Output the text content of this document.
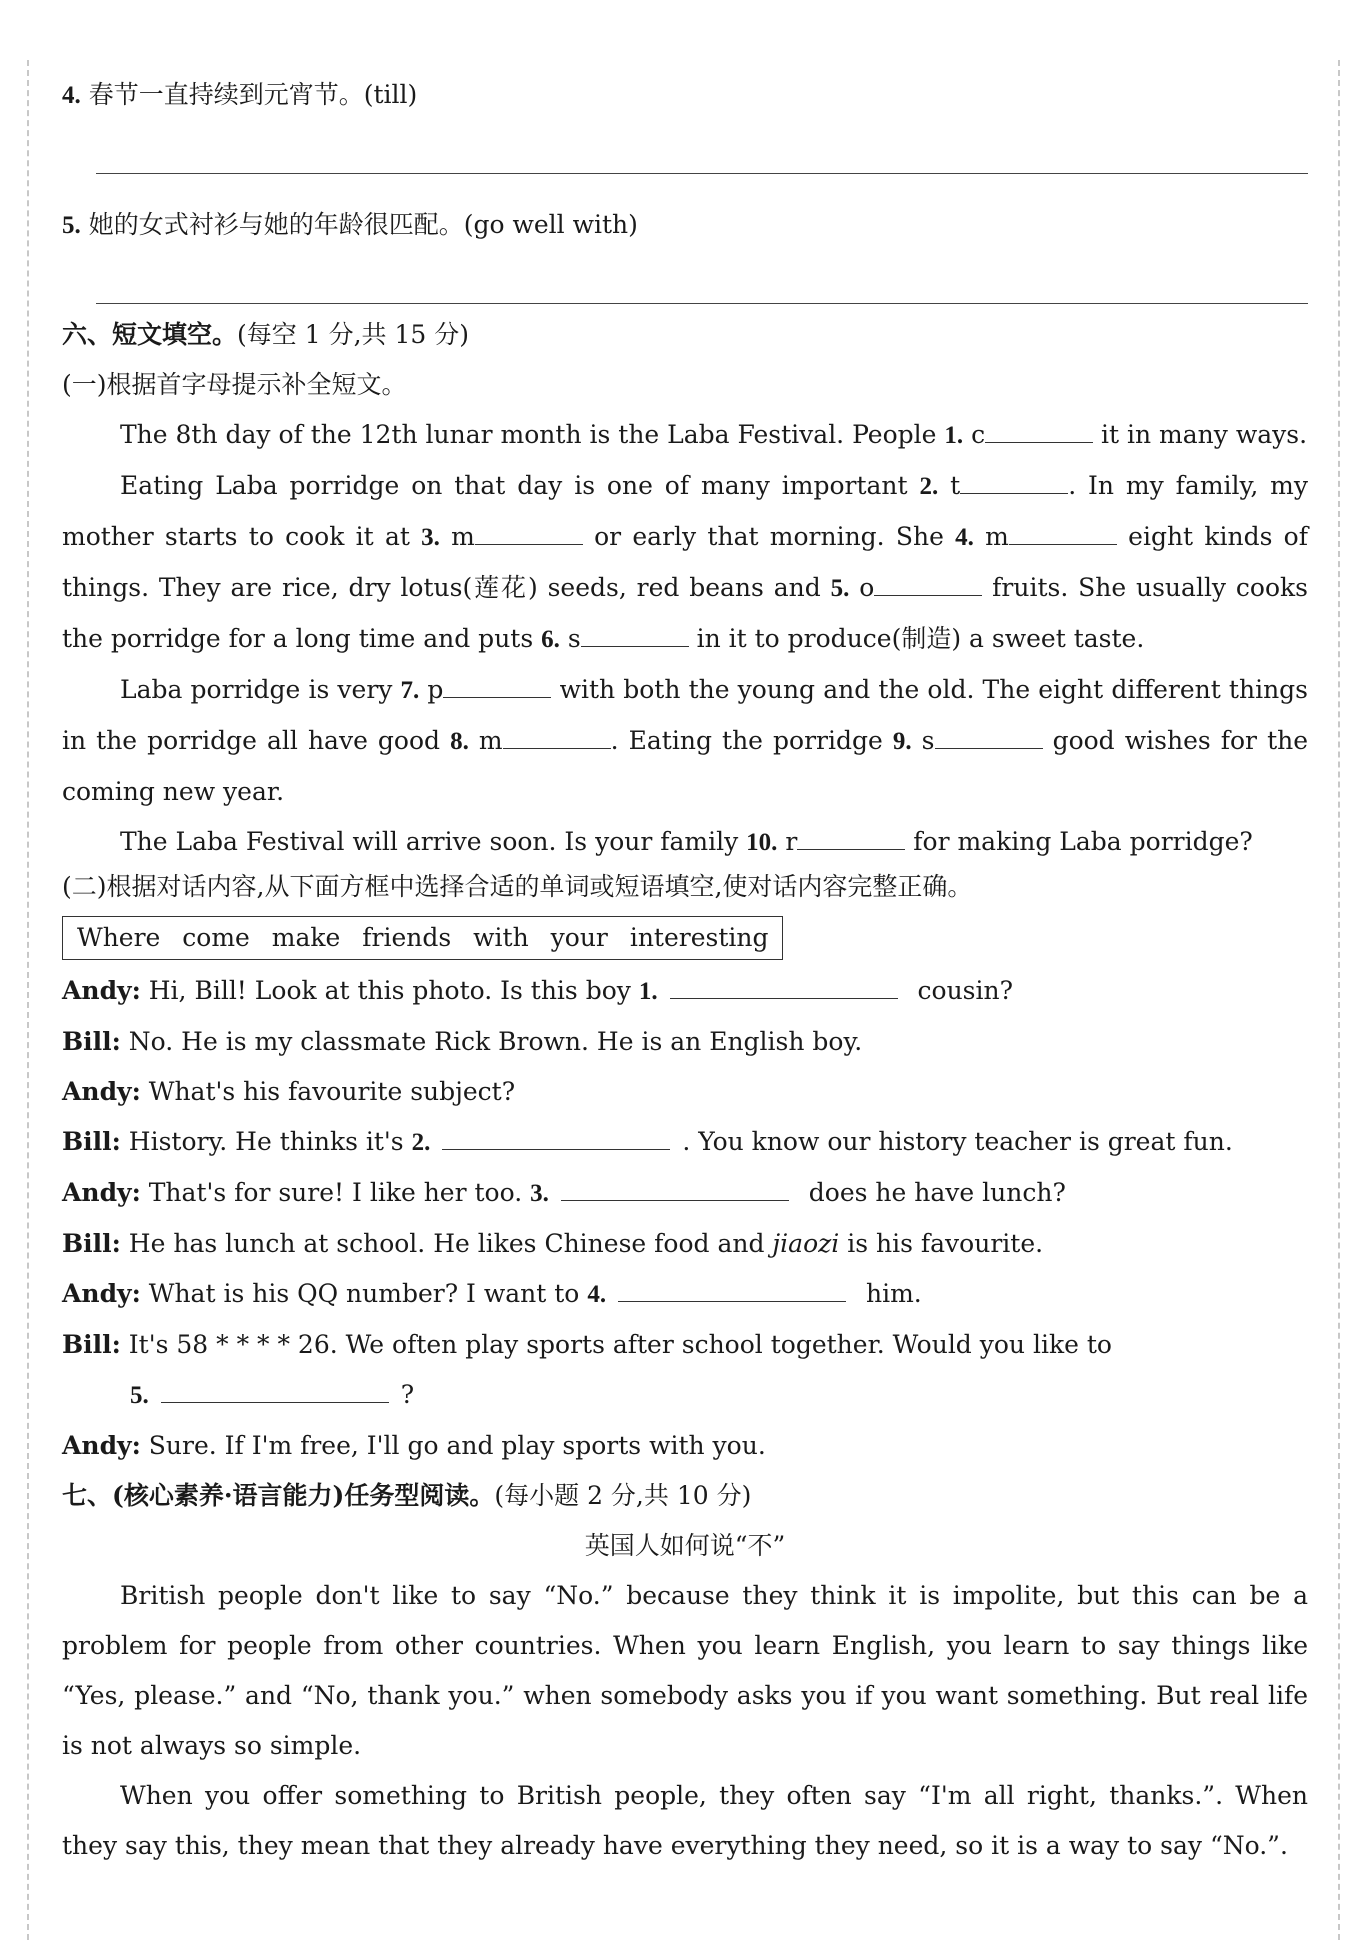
4. 春节一直持续到元宵节。(till)
5. 她的女式衬衫与她的年龄很匹配。(go well with)
六、短文填空。(每空 1 分,共 15 分)
(一)根据首字母提示补全短文。

The 8th day of the 12th lunar month is the Laba Festival. People 1. c	it in many ways.

Eating Laba porridge on that day is one of many important 2. t	. In my family, my mother starts to cook it at 3. m	or early that morning. She 4. m	eight kinds of things. They are rice, dry lotus(莲花) seeds, red beans and 5. o	fruits. She usually cooks the porridge for a long time and puts 6. s	in it to produce(制造) a sweet taste.

Laba porridge is very 7. p	with both the young and the old. The eight different things in the porridge all have good 8. m	. Eating the porridge 9. s	good wishes for the coming new year.

The Laba Festival will arrive soon. Is your family 10. r	for making Laba porridge?

(二)根据对话内容,从下面方框中选择合适的单词或短语填空,使对话内容完整正确。
Where come make friends with your interesting

Andy: Hi, Bill! Look at this photo. Is this boy 1.	cousin?

Bill: No. He is my classmate Rick Brown. He is an English boy.

Andy: What's his favourite subject?

Bill: History. He thinks it's 2.	. You know our history teacher is great fun.

Andy: That's for sure! I like her too. 3.	does he have lunch?

Bill: He has lunch at school. He likes Chinese food and jiaozi is his favourite.

Andy: What is his QQ number? I want to 4.	him.

Bill: It's 58 * * * * 26. We often play sports after school together. Would you like to

5.	?

Andy: Sure. If I'm free, I'll go and play sports with you.

七、(核心素养·语言能力)任务型阅读。(每小题 2 分,共 10 分)

英国人如何说“不”

British people don't like to say “No.” because they think it is impolite, but this can be a problem for people from other countries. When you learn English, you learn to say things like “Yes, please.” and “No, thank you.” when somebody asks you if you want something. But real life is not always so simple.

When you offer something to British people, they often say “I'm all right, thanks.”. When they say this, they mean that they already have everything they need, so it is a way to say “No.”.
